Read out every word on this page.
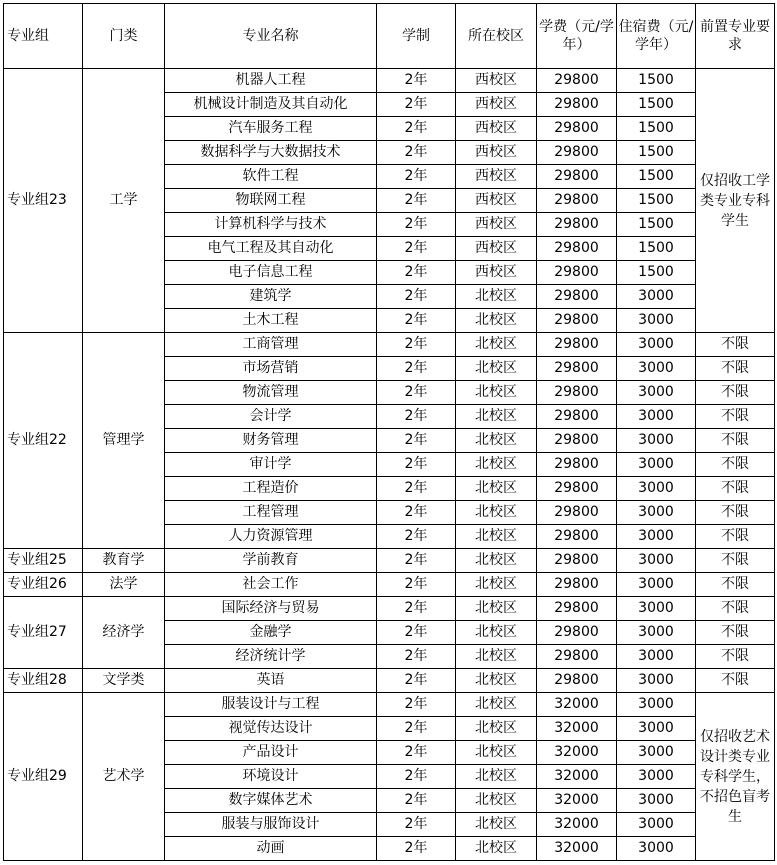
专业组	门类	专业名称	学制	所在校区	学费（元/学年）	住宿费（元/学年）	前置专业要求
专业组23	工学	机器人工程	2年	西校区	29800	1500	仅招收工学类专业专科学生
		机械设计制造及其自动化	2年	西校区	29800	1500	
		汽车服务工程	2年	西校区	29800	1500	
		数据科学与大数据技术	2年	西校区	29800	1500	
		软件工程	2年	西校区	29800	1500	
		物联网工程	2年	西校区	29800	1500	
		计算机科学与技术	2年	西校区	29800	1500	
		电气工程及其自动化	2年	西校区	29800	1500	
		电子信息工程	2年	西校区	29800	1500	
		建筑学	2年	北校区	29800	3000	
		土木工程	2年	北校区	29800	3000	
专业组22	管理学	工商管理	2年	北校区	29800	3000	不限
		市场营销	2年	北校区	29800	3000	不限
		物流管理	2年	北校区	29800	3000	不限
		会计学	2年	北校区	29800	3000	不限
		财务管理	2年	北校区	29800	3000	不限
		审计学	2年	北校区	29800	3000	不限
		工程造价	2年	北校区	29800	3000	不限
		工程管理	2年	北校区	29800	3000	不限
		人力资源管理	2年	北校区	29800	3000	不限
专业组25	教育学	学前教育	2年	北校区	29800	3000	不限
专业组26	法学	社会工作	2年	北校区	29800	3000	不限
专业组27	经济学	国际经济与贸易	2年	北校区	29800	3000	不限
		金融学	2年	北校区	29800	3000	不限
		经济统计学	2年	北校区	29800	3000	不限
专业组28	文学类	英语	2年	北校区	29800	3000	不限
专业组29	艺术学	服装设计与工程	2年	北校区	32000	3000	仅招收艺术设计类专业专科学生，不招色盲考生
		视觉传达设计	2年	北校区	32000	3000	
		产品设计	2年	北校区	32000	3000	
		环境设计	2年	北校区	32000	3000	
		数字媒体艺术	2年	北校区	32000	3000	
		服装与服饰设计	2年	北校区	32000	3000	
		动画	2年	北校区	32000	3000	
